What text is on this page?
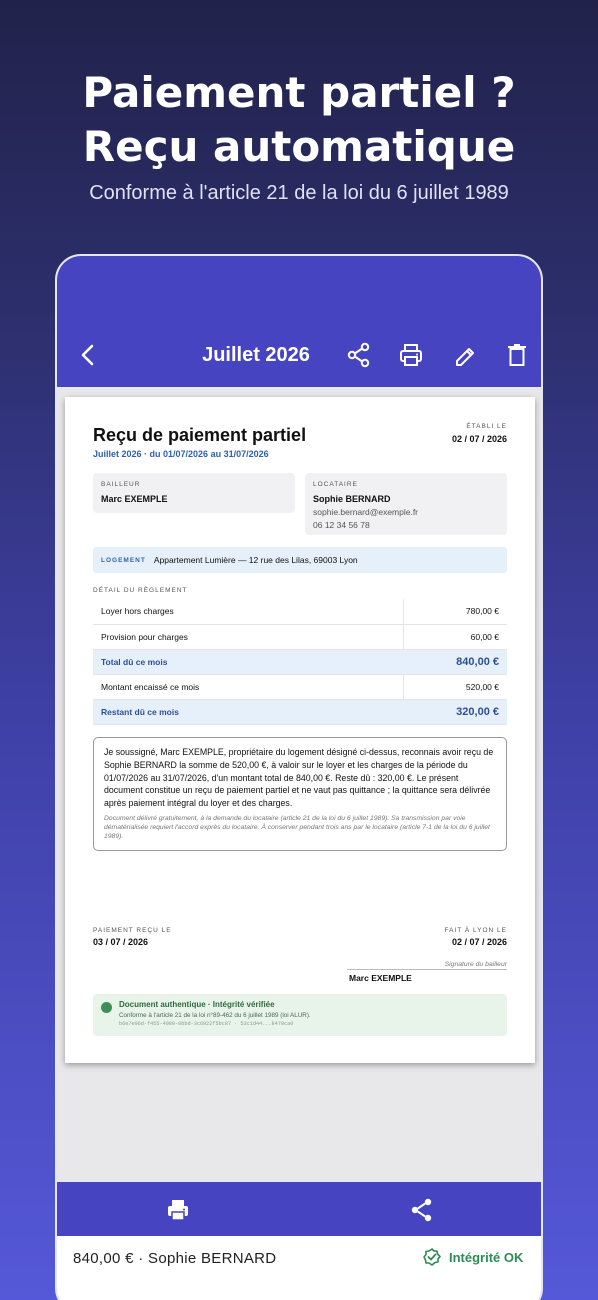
Paiement partiel ?
Reçu automatique
Conforme à l'article 21 de la loi du 6 juillet 1989
Juillet 2026
Reçu de paiement partiel
Juillet 2026 · du 01/07/2026 au 31/07/2026
ÉTABLI LE
02 / 07 / 2026
BAILLEUR
Marc EXEMPLE
LOCATAIRE
Sophie BERNARD
sophie.bernard@exemple.fr
06 12 34 56 78
LOGEMENT Appartement Lumière — 12 rue des Lilas, 69003 Lyon
DÉTAIL DU RÈGLEMENT
Loyer hors charges	780,00 €
Provision pour charges	60,00 €
Total dû ce mois	840,00 €
Montant encaissé ce mois	520,00 €
Restant dû ce mois	320,00 €
Je soussigné, Marc EXEMPLE, propriétaire du logement désigné ci-dessus, reconnais avoir reçu de Sophie BERNARD la somme de 520,00 €, à valoir sur le loyer et les charges de la période du 01/07/2026 au 31/07/2026, d'un montant total de 840,00 €. Reste dû : 320,00 €. Le présent document constitue un reçu de paiement partiel et ne vaut pas quittance ; la quittance sera délivrée après paiement intégral du loyer et des charges.
Document délivré gratuitement, à la demande du locataire (article 21 de la loi du 6 juillet 1989). Sa transmission par voie dématérialisée requiert l'accord exprès du locataire. À conserver pendant trois ans par le locataire (article 7-1 de la loi du 6 juillet 1989).
PAIEMENT REÇU LE
03 / 07 / 2026
FAIT À LYON LE
02 / 07 / 2026
Signature du bailleur
Marc EXEMPLE
Document authentique · Intégrité vérifiée
Conforme à l'article 21 de la loi n°89-462 du 6 juillet 1989 (loi ALUR).
b6e7e96d-f455-4980-8bbd-3c6922f5bc87 · 53c1d44...8470ca0
840,00 € · Sophie BERNARD	Intégrité OK
